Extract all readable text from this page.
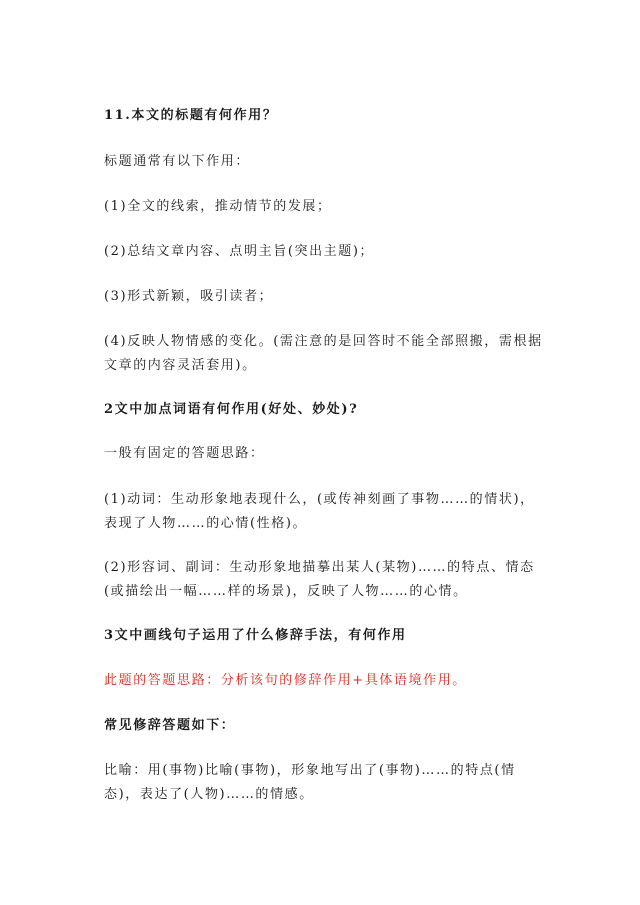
11.本文的标题有何作用？
标题通常有以下作用：
(1)全文的线索，推动情节的发展；
(2)总结文章内容、点明主旨(突出主题)；
(3)形式新颖，吸引读者；
(4)反映人物情感的变化。(需注意的是回答时不能全部照搬，需根据文章的内容灵活套用)。
2文中加点词语有何作用(好处、妙处)?
一般有固定的答题思路：
(1)动词：生动形象地表现什么，(或传神刻画了事物……的情状)，表现了人物……的心情(性格)。
(2)形容词、副词：生动形象地描摹出某人(某物)……的特点、情态(或描绘出一幅……样的场景)，反映了人物……的心情。
3文中画线句子运用了什么修辞手法，有何作用
此题的答题思路：分析该句的修辞作用+具体语境作用。
常见修辞答题如下：
比喻：用(事物)比喻(事物)，形象地写出了(事物)……的特点(情态)，表达了(人物)……的情感。
